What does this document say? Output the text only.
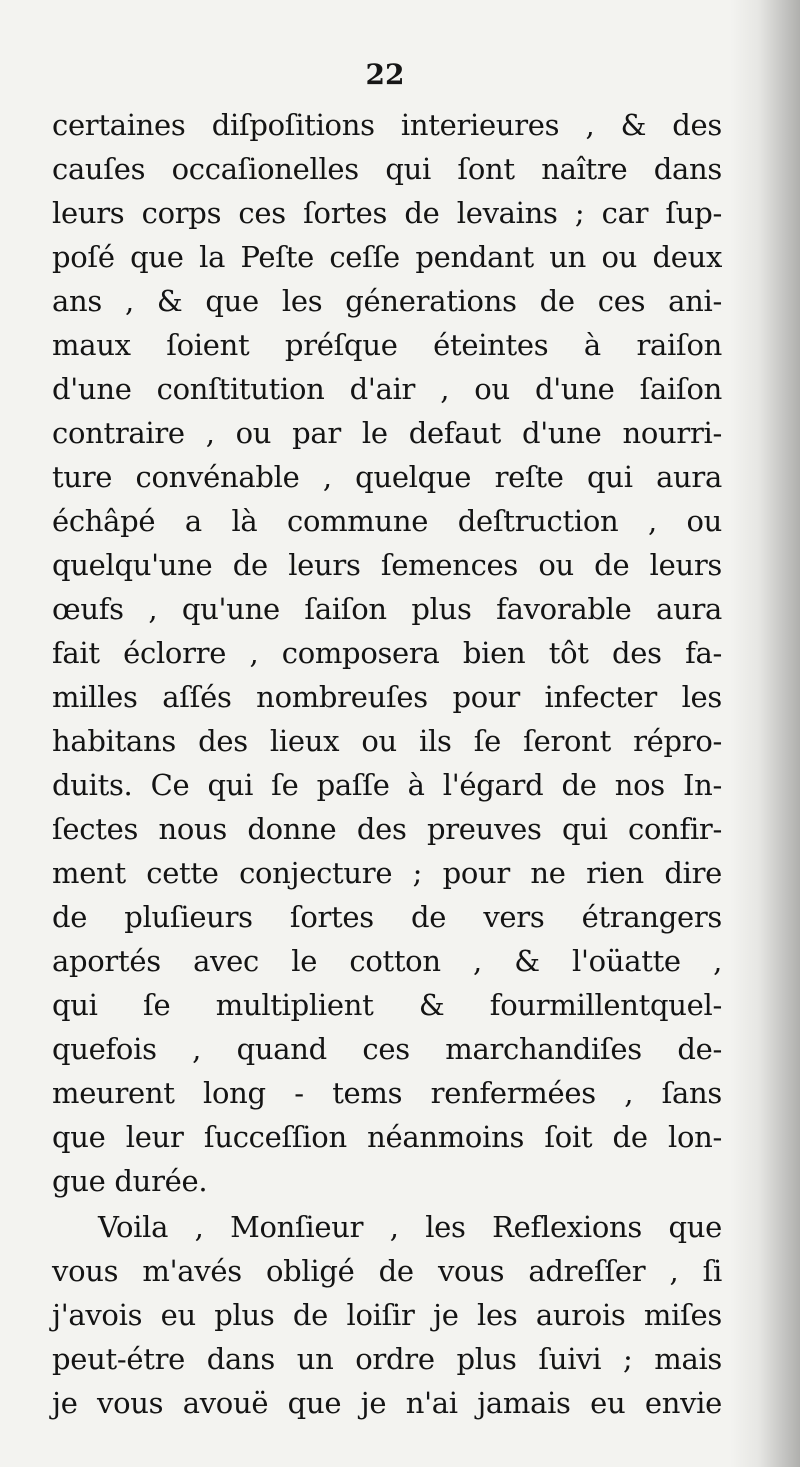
22
certaines diſpoſitions interieures , & des
cauſes occaſionelles qui ſont naître dans
leurs corps ces ſortes de levains ; car ſup-
poſé que la Peſte ceſſe pendant un ou deux
ans , & que les génerations de ces ani-
maux ſoient préſque éteintes à raiſon
d'une conſtitution d'air , ou d'une ſaiſon
contraire , ou par le defaut d'une nourri-
ture convénable , quelque reſte qui aura
échâpé a là commune deſtruction , ou
quelqu'une de leurs ſemences ou de leurs
œufs , qu'une ſaiſon plus favorable aura
fait éclorre , composera bien tôt des fa-
milles aſſés nombreuſes pour infecter les
habitans des lieux ou ils ſe ſeront répro-
duits. Ce qui ſe paſſe à l'égard de nos In-
ſectes nous donne des preuves qui confir-
ment cette conjecture ; pour ne rien dire
de pluſieurs ſortes de vers étrangers
aportés avec le cotton , & l'oüatte ,
qui ſe multiplient & fourmillentquel-
quefois , quand ces marchandiſes de-
meurent long - tems renfermées , ſans
que leur ſucceſſion néanmoins ſoit de lon-
gue durée.
Voila , Monſieur , les Reflexions que
vous m'avés obligé de vous adreſſer , ſi
j'avois eu plus de loiſir je les aurois miſes
peut-étre dans un ordre plus ſuivi ; mais
je vous avouë que je n'ai jamais eu envie
